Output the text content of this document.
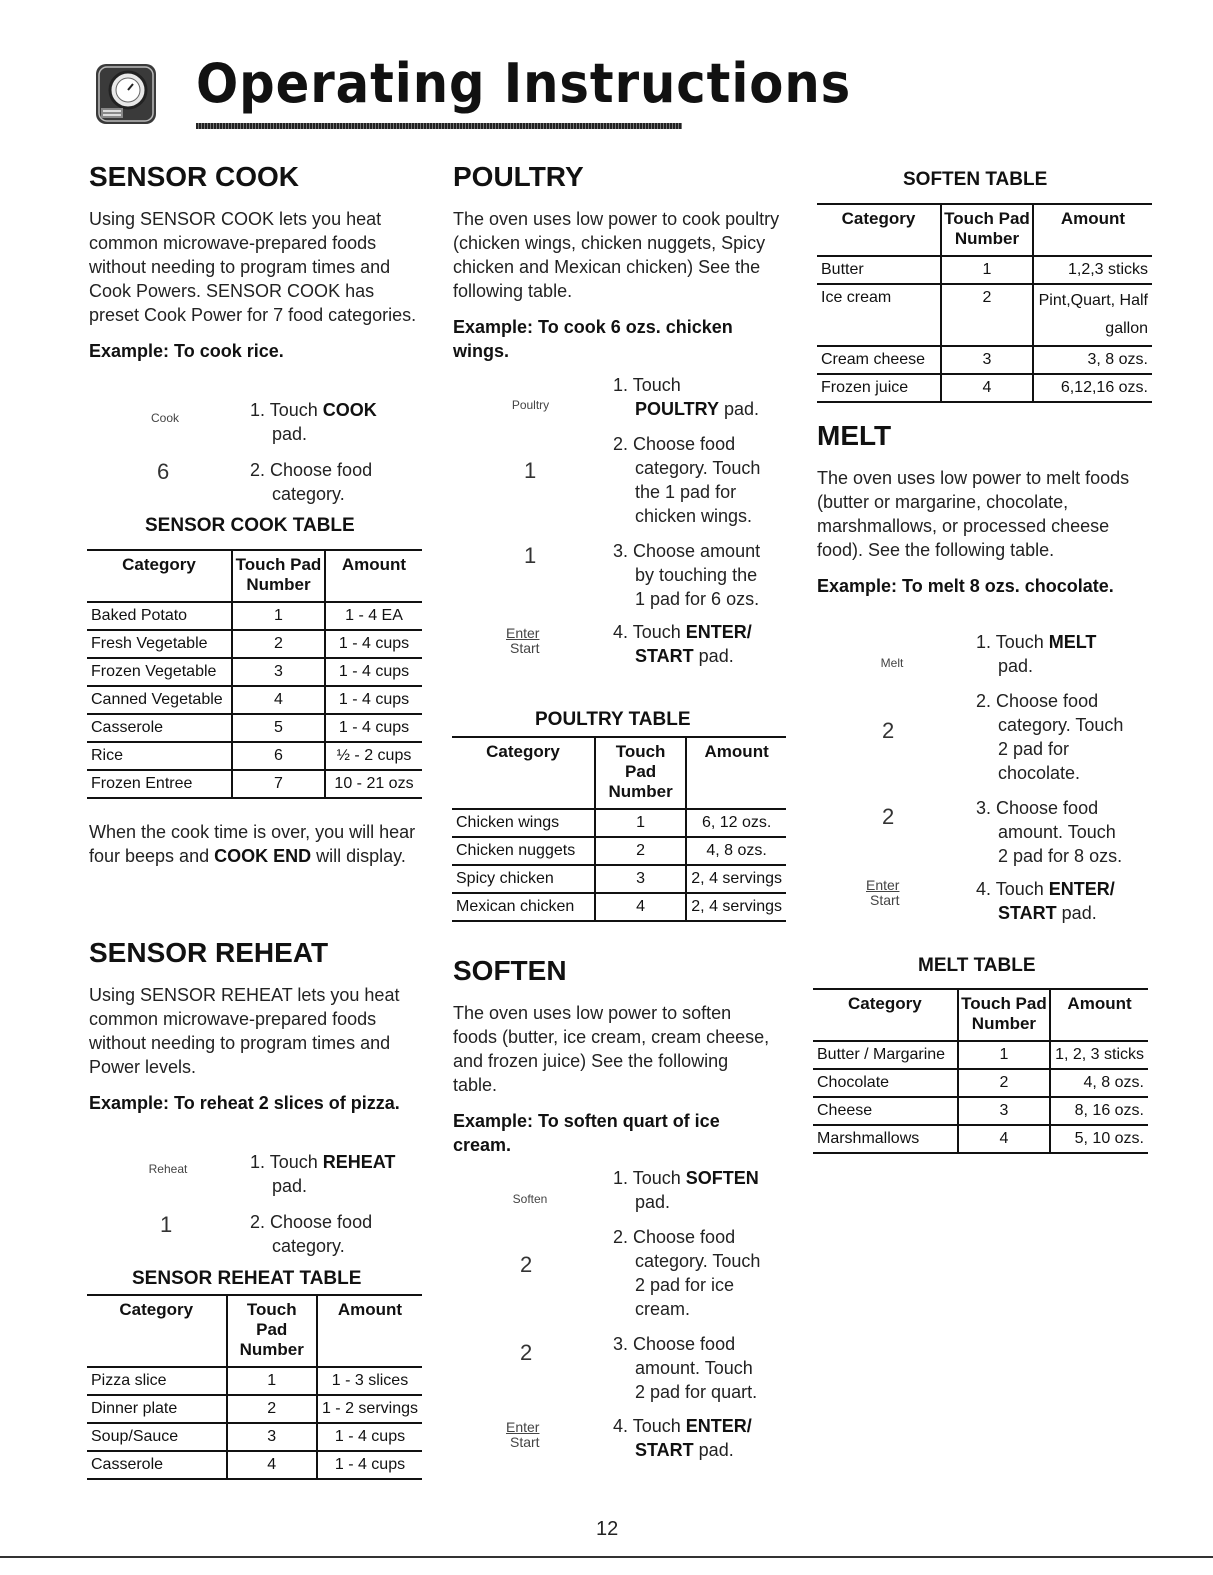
Operating Instructions
SENSOR COOK

Using SENSOR COOK lets you heat common microwave-prepared foods without needing to program times and Cook Powers. SENSOR COOK has preset Cook Power for 7 food categories.

Example: To cook rice.

Cook	1. Touch COOK
pad.
6	2. Choose food
category.
SENSOR COOK TABLE
Category	Touch Pad Number	Amount
Baked Potato	1	1 - 4 EA
Fresh Vegetable	2	1 - 4 cups
Frozen Vegetable	3	1 - 4 cups
Canned Vegetable	4	1 - 4 cups
Casserole	5	1 - 4 cups
Rice	6	½ - 2 cups
Frozen Entree	7	10 - 21 ozs

When the cook time is over, you will hear four beeps and COOK END will display.

SENSOR REHEAT

Using SENSOR REHEAT lets you heat common microwave-prepared foods without needing to program times and Power levels.

Example: To reheat 2 slices of pizza.

Reheat	1. Touch REHEAT
pad.
1	2. Choose food
category.
SENSOR REHEAT TABLE
Category	Touch Pad Number	Amount
Pizza slice	1	1 - 3 slices
Dinner plate	2	1 - 2 servings
Soup/Sauce	3	1 - 4 cups
Casserole	4	1 - 4 cups
POULTRY

The oven uses low power to cook poultry (chicken wings, chicken nuggets, Spicy chicken and Mexican chicken) See the following table.

Example: To cook 6 ozs. chicken wings.

Poultry
1. Touch
POULTRY pad.
1
2. Choose food
category. Touch
the 1 pad for
chicken wings.
1	3. Choose amount
by touching the
1 pad for 6 ozs.
Enter
Start
4. Touch ENTER/
START pad.
POULTRY TABLE
Category	Touch Pad Number	Amount
Chicken wings	1	6, 12 ozs.
Chicken nuggets	2	4, 8 ozs.
Spicy chicken	3	2, 4 servings
Mexican chicken	4	2, 4 servings
SOFTEN

The oven uses low power to soften foods (butter, ice cream, cream cheese, and frozen juice) See the following table.

Example: To soften quart of ice cream.

Soften
1. Touch SOFTEN
pad.
2
2. Choose food
category. Touch
2 pad for ice
cream.
2	3. Choose food
amount. Touch
2 pad for quart.
Enter
Start
4. Touch ENTER/
START pad.
SOFTEN TABLE
Category	Touch Pad Number	Amount
Butter	1	1,2,3 sticks
Ice cream	2	Pint,Quart, Half gallon
Cream cheese	3	3, 8 ozs.
Frozen juice	4	6,12,16 ozs.
MELT

The oven uses low power to melt foods (butter or margarine, chocolate, marshmallows, or processed cheese food). See the following table.

Example: To melt 8 ozs. chocolate.

Melt
1. Touch MELT
pad.
2
2. Choose food
category. Touch
2 pad for
chocolate.
2	3. Choose food
amount. Touch
2 pad for 8 ozs.
Enter
Start
4. Touch ENTER/
START pad.
MELT TABLE
Category	Touch Pad Number	Amount
Butter / Margarine	1	1, 2, 3 sticks
Chocolate	2	4, 8 ozs.
Cheese	3	8, 16 ozs.
Marshmallows	4	5, 10 ozs.
12
